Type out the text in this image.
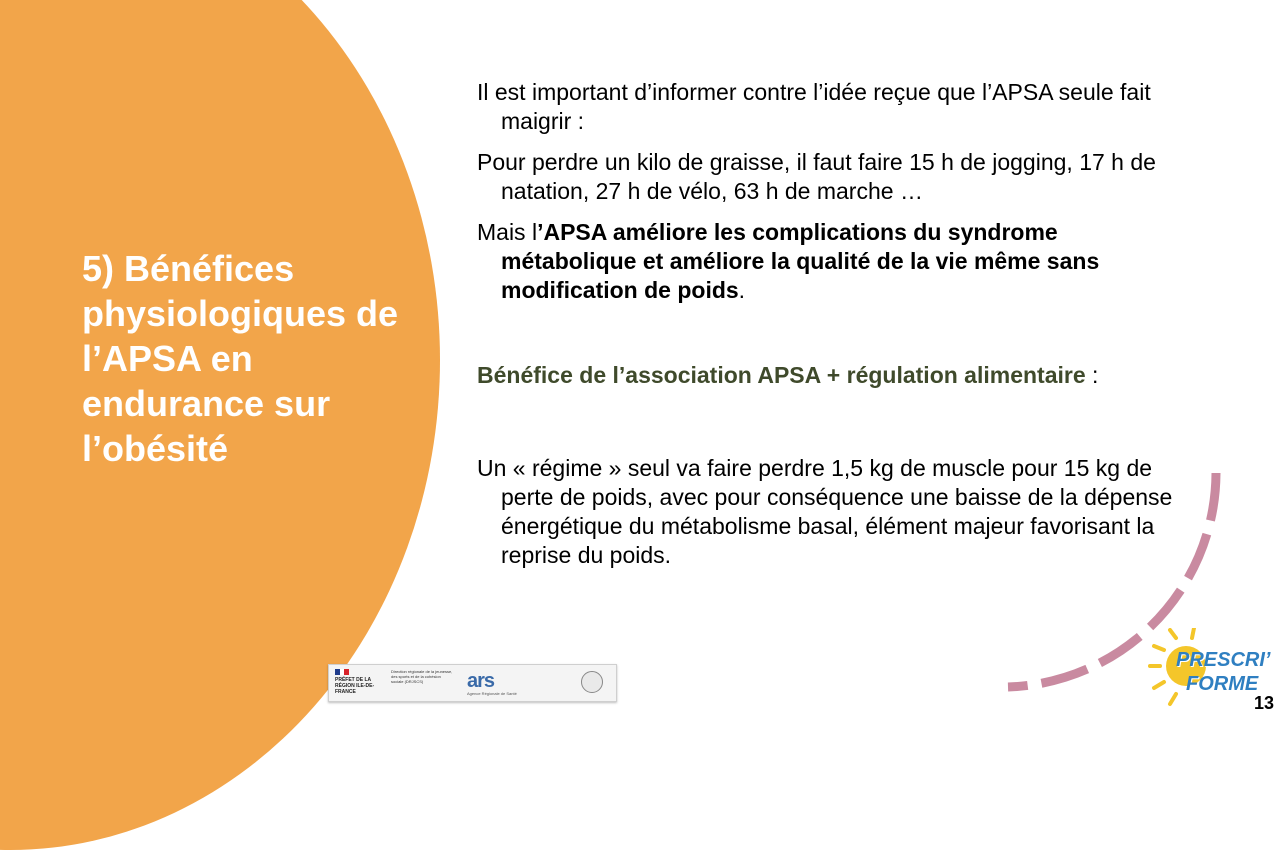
5) Bénéfices physiologiques de l’APSA en endurance sur l’obésité

Il est important d’informer contre l’idée reçue que l’APSA seule fait maigrir :

Pour perdre un kilo de graisse, il faut faire 15 h de jogging, 17 h de natation, 27 h de vélo, 63 h de marche …

Mais l’APSA améliore les complications du syndrome métabolique et améliore la qualité de la vie même sans modification de poids.

Bénéfice de l’association APSA + régulation alimentaire :

Un « régime » seul va faire perdre 1,5 kg de muscle pour 15 kg de perte de poids, avec pour conséquence une baisse de la dépense énergétique du métabolisme basal, élément majeur favorisant la reprise du poids.

PRÉFET DE LA RÉGION ILE-DE-FRANCE
Direction régionale de la jeunesse, des sports et de la cohésion sociale (DRJSCS)	ars
Agence Régionale de Santé
PRESCRI’
FORME
13
